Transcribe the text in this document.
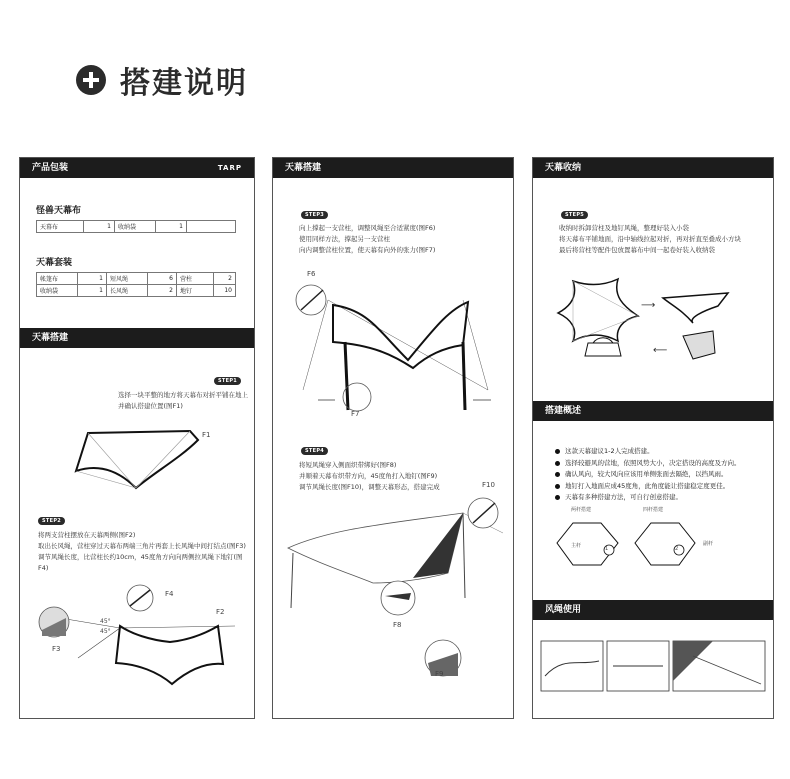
搭建说明
产品包装	TARP
怪兽天幕布
天幕布	1	收纳袋	1	
天幕套装
帐篷布	1	短风绳	6	营柱	2
收纳袋	1	长风绳	2	地钉	10
天幕搭建
STEP1
选择一块平整的地方将天幕布对折平铺在地上
并确认搭建位置(图F1)
F1
STEP2
将两支营柱摆放在天幕两侧(图F2)
取出长风绳，营柱穿过天幕布两端三角片再套上长风绳中间打结点(图F3)
调节风绳长度，比营柱长约10cm，45度角方向向两侧拉风绳下地钉(图F4)
F4
F2
F3
45°
45°
天幕搭建
STEP3
向上撑起一支营柱，调整风绳至合适紧度(图F6)
使用同样方法，撑起另一支营柱
向内调整营柱位置，使天幕有向外的张力(图F7)
F6
F7
STEP4
将短风绳穿入侧面织带绑好(图F8)
并顺着天幕布织带方向，45度角打入地钉(图F9)
调节风绳长度(图F10)，调整天幕形态，搭建完成	F10
F8
F9
天幕收纳
STEP5
收纳时拆卸营柱及地钉风绳，整理好装入小袋
将天幕布平铺地面，沿中轴线拉起对折，再对折直至叠成小方块
最后将营柱等配件包放置幕布中间一起卷好装入收纳袋
⟶
⟵
搭建概述
这款天幕建议1-2人完成搭建。
选择较避风的营地，依照风势大小，决定搭设的高度及方向。
确认风向，较大风向应该用单侧张面去隔绝，以挡风雨。
地钉打入地面应成45度角，此角度能让搭建稳定度更佳。
天幕有多种搭建方法，可自行创意搭建。
两杆搭建	四杆搭建
1	2
主杆	副杆
风绳使用
